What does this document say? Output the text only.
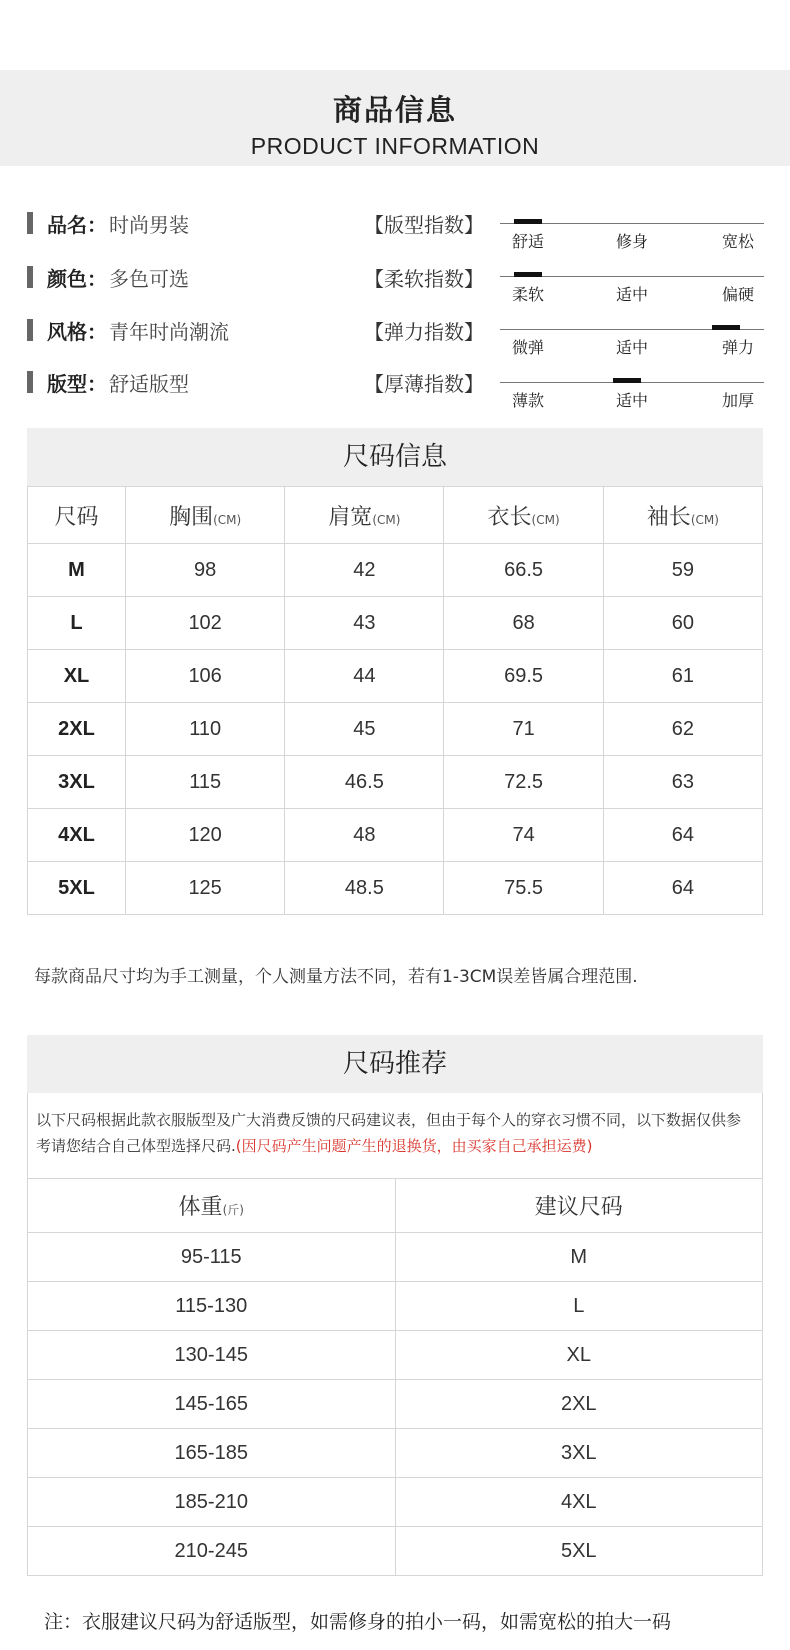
商品信息
PRODUCT INFORMATION
品名： 时尚男装
颜色： 多色可选
风格： 青年时尚潮流
版型： 舒适版型
【版型指数】
舒适	修身	宽松
【柔软指数】
柔软	适中	偏硬
【弹力指数】
微弹	适中	弹力
【厚薄指数】
薄款	适中	加厚
尺码信息
尺码	胸围(CM)	肩宽(CM)	衣长(CM)	袖长(CM)
M	98	42	66.5	59
L	102	43	68	60
XL	106	44	69.5	61
2XL	110	45	71	62
3XL	115	46.5	72.5	63
4XL	120	48	74	64
5XL	125	48.5	75.5	64
每款商品尺寸均为手工测量，个人测量方法不同，若有1-3CM误差皆属合理范围.
尺码推荐
以下尺码根据此款衣服版型及广大消费反馈的尺码建议表，但由于每个人的穿衣习惯不同，以下数据仅供参考请您结合自己体型选择尺码.(因尺码产生问题产生的退换货，由买家自己承担运费)
体重(斤)	建议尺码
95-115	M
115-130	L
130-145	XL
145-165	2XL
165-185	3XL
185-210	4XL
210-245	5XL
注：衣服建议尺码为舒适版型，如需修身的拍小一码，如需宽松的拍大一码
